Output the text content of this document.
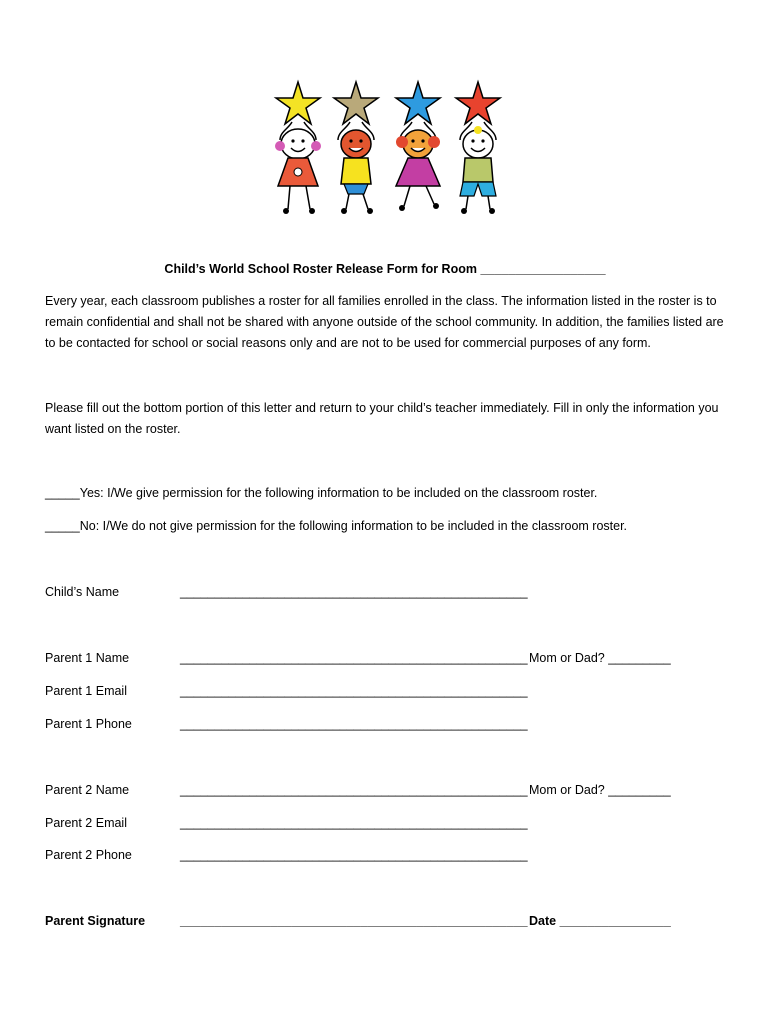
Child’s World School Roster Release Form for Room __________________

Every year, each classroom publishes a roster for all families enrolled in the class. The information listed in the roster is to remain confidential and shall not be shared with anyone outside of the school community. In addition, the families listed are to be contacted for school or social reasons only and are not to be used for commercial purposes of any form.

Please fill out the bottom portion of this letter and return to your child’s teacher immediately. Fill in only the information you want listed on the roster.

_____Yes: I/We give permission for the following information to be included on the classroom roster.
_____No: I/We do not give permission for the following information to be included in the classroom roster.
Child’s Name	__________________________________________________
Parent 1 Name	__________________________________________________ Mom or Dad? _________
Parent 1 Email	__________________________________________________
Parent 1 Phone	__________________________________________________
Parent 2 Name	__________________________________________________ Mom or Dad? _________
Parent 2 Email	__________________________________________________
Parent 2 Phone	__________________________________________________
Parent Signature	__________________________________________________ Date ________________
